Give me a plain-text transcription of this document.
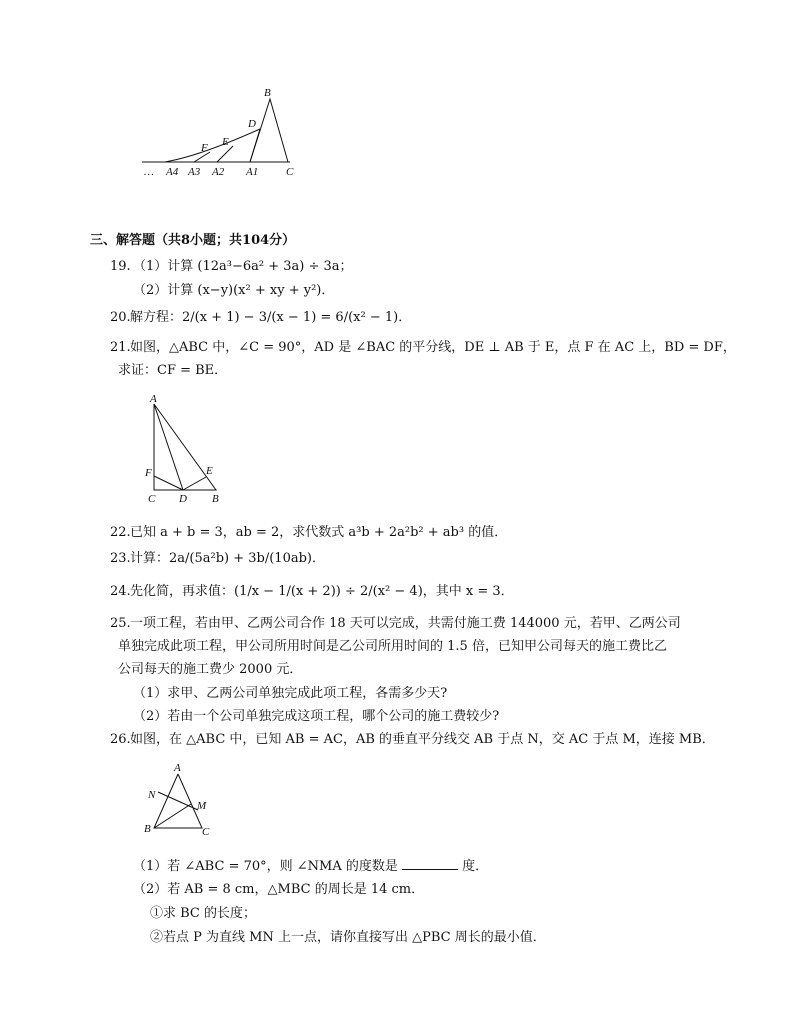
B
D
E
F
… A4 A3 A2 A1	C
三、解答题（共8小题；共104分）
19. （1）计算 (12a³−6a² + 3a) ÷ 3a；
（2）计算 (x−y)(x² + xy + y²)．
20. 解方程：2/(x + 1) − 3/(x − 1) = 6/(x² − 1)．
21. 如图，△ABC 中，∠C = 90°，AD 是 ∠BAC 的平分线，DE ⊥ AB 于 E，点 F 在 AC 上，BD = DF，
求证：CF = BE．
A
F	E
C D B
22. 已知 a + b = 3，ab = 2，求代数式 a³b + 2a²b² + ab³ 的值．
23. 计算：2a/(5a²b) + 3b/(10ab)．
24. 先化简，再求值：(1/x − 1/(x + 2)) ÷ 2/(x² − 4)，其中 x = 3．
25. 一项工程，若由甲、乙两公司合作 18 天可以完成，共需付施工费 144000 元，若甲、乙两公司
单独完成此项工程，甲公司所用时间是乙公司所用时间的 1.5 倍，已知甲公司每天的施工费比乙
公司每天的施工费少 2000 元．
（1）求甲、乙两公司单独完成此项工程，各需多少天?
（2）若由一个公司单独完成这项工程，哪个公司的施工费较少?
26. 如图，在 △ABC 中，已知 AB = AC，AB 的垂直平分线交 AB 于点 N，交 AC 于点 M，连接 MB．
A
N
M
B	C
（1）若 ∠ABC = 70°，则 ∠NMA 的度数是	度．
（2）若 AB = 8 cm，△MBC 的周长是 14 cm．
①求 BC 的长度；
②若点 P 为直线 MN 上一点，请你直接写出 △PBC 周长的最小值．
